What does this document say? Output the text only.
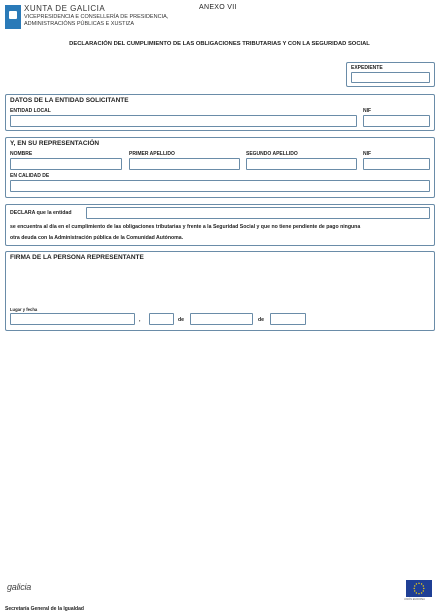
XUNTA DE GALICIA
VICEPRESIDENCIA E CONSELLERÍA DE PRESIDENCIA,
ADMINISTRACIÓNS PÚBLICAS E XUSTIZA
ANEXO VII
DECLARACIÓN DEL CUMPLIMIENTO DE LAS OBLIGACIONES TRIBUTARIAS Y CON LA SEGURIDAD SOCIAL
EXPEDIENTE
DATOS DE LA ENTIDAD SOLICITANTE
ENTIDAD LOCAL	NIF
Y, EN SU REPRESENTACIÓN
NOMBRE	PRIMER APELLIDO	SEGUNDO APELLIDO	NIF
EN CALIDAD DE
DECLARA que la entidad
se encuentra al día en el cumplimiento de las obligaciones tributarias y frente a la Seguridad Social y que no tiene pendiente de pago ninguna
otra deuda con la Administración pública de la Comunidad Autónoma.
FIRMA DE LA PERSONA REPRESENTANTE
Lugar y fecha
,	de	de
galicia
UNIÓN EUROPEA
Secretaría General de la Igualdad
